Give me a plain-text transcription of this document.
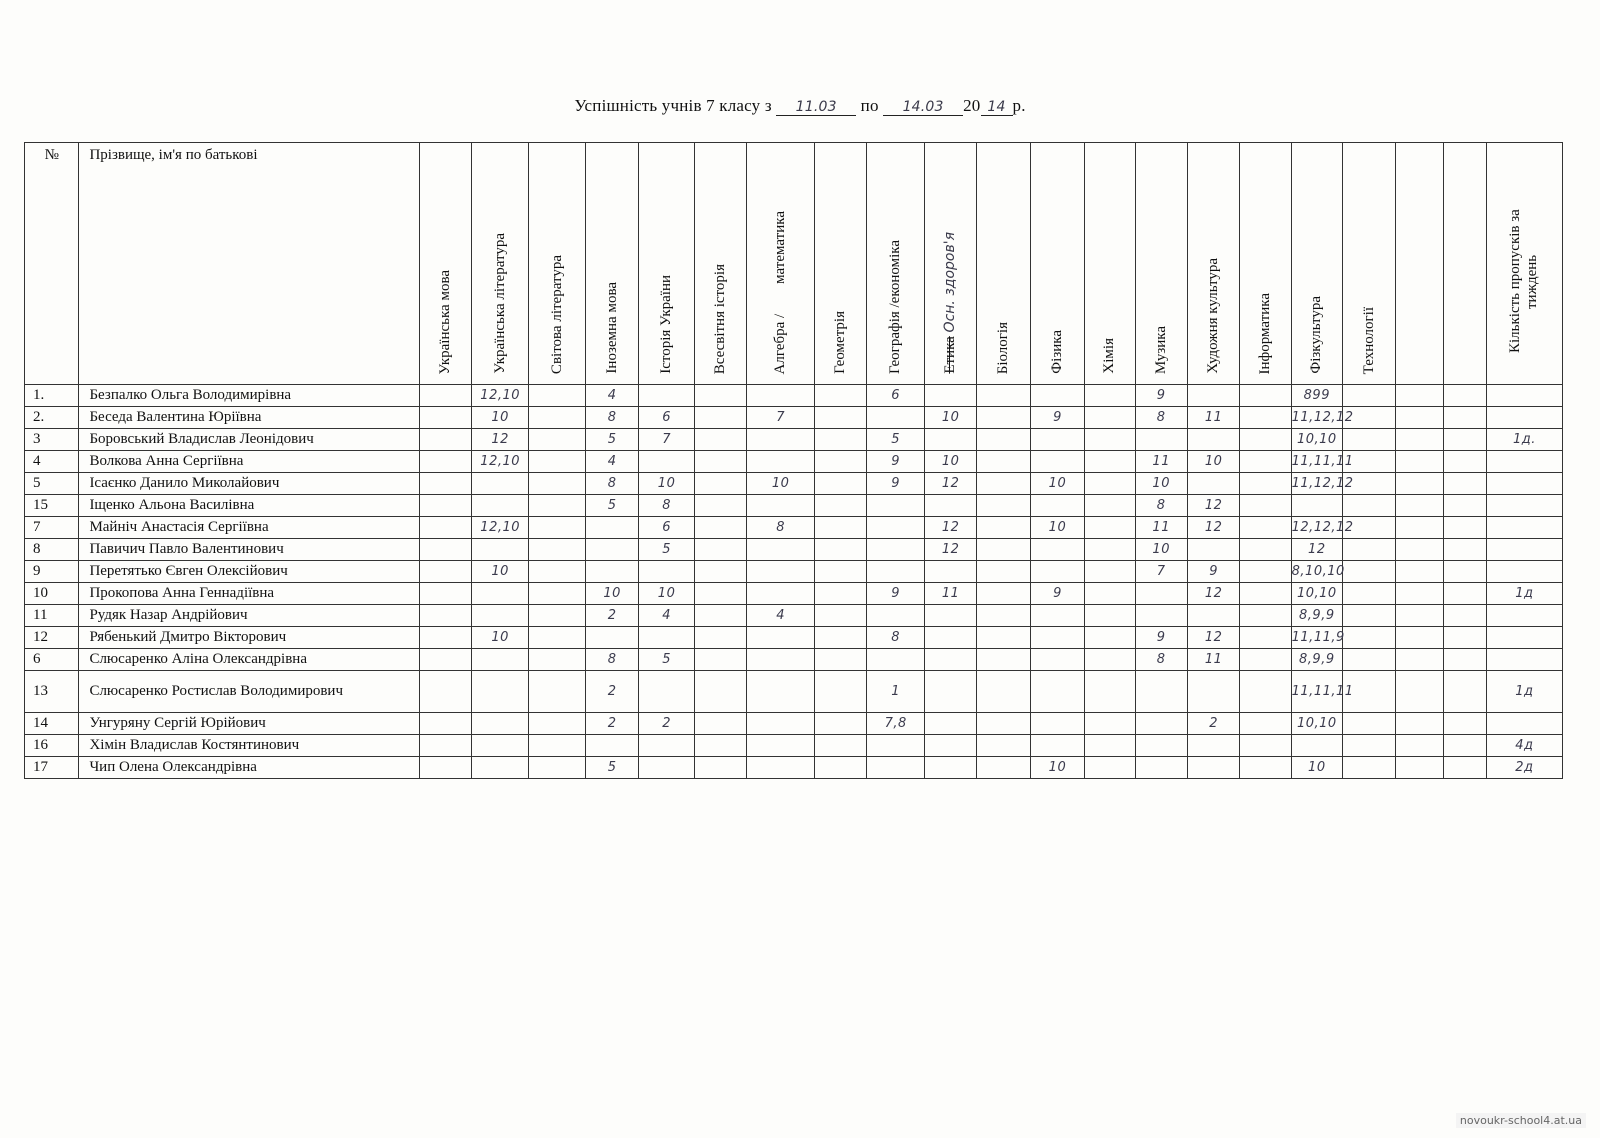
Успішність учнів 7 класу з 11.03 по 14.03 20 14 р.
№	Прізвище, ім'я по батькові	Українська мова	Українська література	Світова література	Іноземна мова	Історія України	Всесвітня історія	Алгебра /        математика	Геометрія	Географія /економіка	Етика Осн. здоров'я	Біологія	Фізика	Хімія	Музика	Художня культура	Інформатика	Фізкультура	Технології			Кількість пропусків за тиждень

1.	Безпалко Ольга Володимирівна		12,10		4					6					9			899				
2.	Беседа Валентина Юріївна		10		8	6		7			10		9		8	11		11,12,12				
3	Боровський Владислав Леонідович		12		5	7				5								10,10				1д.
4	Волкова Анна Сергіївна		12,10		4					9	10				11	10		11,11,11				
5	Ісаєнко Данило Миколайович				8	10		10		9	12		10		10			11,12,12				
15	Іщенко Альона Василівна				5	8									8	12						
7	Майніч Анастасія Сергіївна		12,10			6		8			12		10		11	12		12,12,12				
8	Павичич Павло Валентинович					5					12				10			12				
9	Перетятько Євген Олексійович		10												7	9		8,10,10				
10	Прокопова Анна Геннадіївна				10	10				9	11		9			12		10,10				1д
11	Рудяк Назар Андрійович				2	4		4										8,9,9				
12	Рябенький Дмитро Вікторович		10							8					9	12		11,11,9				
6	Слюсаренко Аліна Олександрівна				8	5									8	11		8,9,9				
13	Слюсаренко Ростислав Володимирович				2					1								11,11,11				1д
14	Унгуряну Сергій Юрійович				2	2				7,8						2		10,10				
16	Хімін Владислав Костянтинович																					4д
17	Чип Олена Олександрівна				5								10					10				2д
novoukr-school4.at.ua
